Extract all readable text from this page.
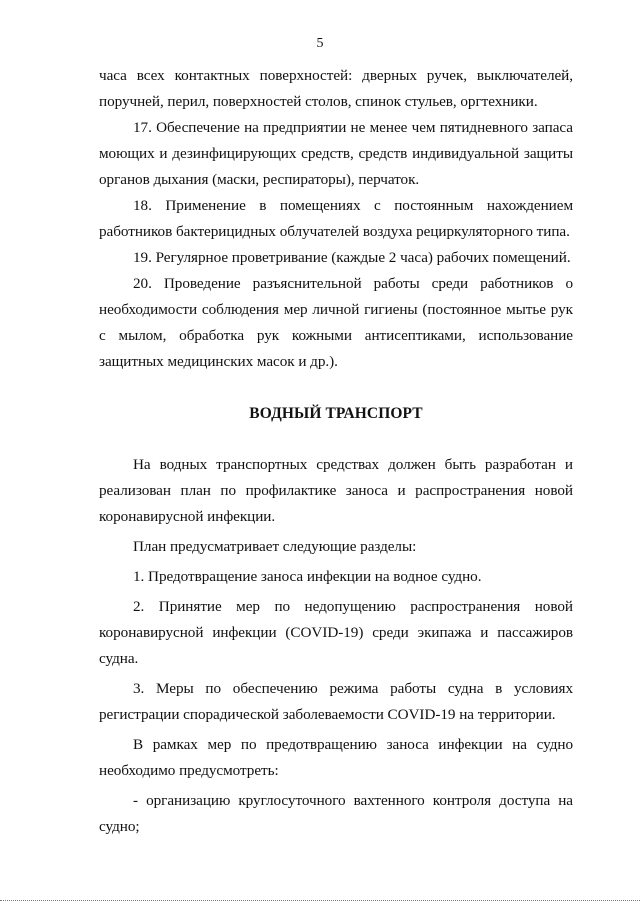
5

часа всех контактных поверхностей: дверных ручек, выключателей, поручней, перил, поверхностей столов, спинок стульев, оргтехники.

17. Обеспечение на предприятии не менее чем пятидневного запаса моющих и дезинфицирующих средств, средств индивидуальной защиты органов дыхания (маски, респираторы), перчаток.

18. Применение в помещениях с постоянным нахождением работников бактерицидных облучателей воздуха рециркуляторного типа.

19. Регулярное проветривание (каждые 2 часа) рабочих помещений.

20. Проведение разъяснительной работы среди работников о необходимости соблюдения мер личной гигиены (постоянное мытье рук с мылом, обработка рук кожными антисептиками, использование защитных медицинских масок и др.).

ВОДНЫЙ ТРАНСПОРТ

На водных транспортных средствах должен быть разработан и реализован план по профилактике заноса и распространения новой коронавирусной инфекции.

План предусматривает следующие разделы:

1. Предотвращение заноса инфекции на водное судно.

2. Принятие мер по недопущению распространения новой коронавирусной инфекции (COVID-19) среди экипажа и пассажиров судна.

3. Меры по обеспечению режима работы судна в условиях регистрации спорадической заболеваемости COVID-19 на территории.

В рамках мер по предотвращению заноса инфекции на судно необходимо предусмотреть:

- организацию круглосуточного вахтенного контроля доступа на судно;
